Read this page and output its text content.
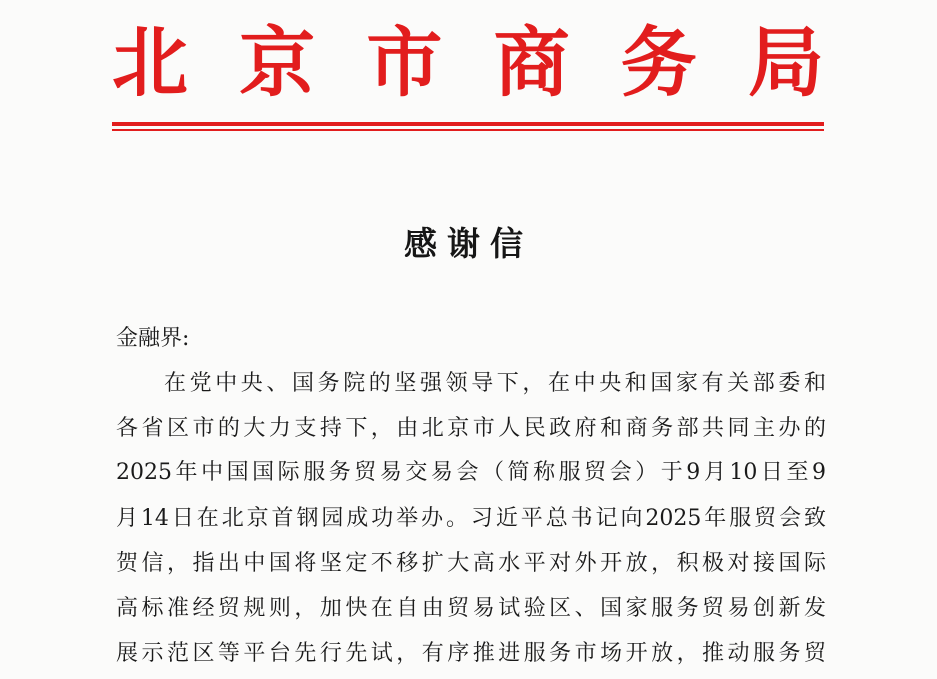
北 京 市 商 务 局
感谢信
金融界:
在党中央、国务院的坚强领导下，在中央和国家有关部委和
各省区市的大力支持下，由北京市人民政府和商务部共同主办的
2025年中国国际服务贸易交易会（简称服贸会）于9月10日至9
月14日在北京首钢园成功举办。习近平总书记向2025年服贸会致
贺信，指出中国将坚定不移扩大高水平对外开放，积极对接国际
高标准经贸规则，加快在自由贸易试验区、国家服务贸易创新发
展示范区等平台先行先试，有序推进服务市场开放，推动服务贸
